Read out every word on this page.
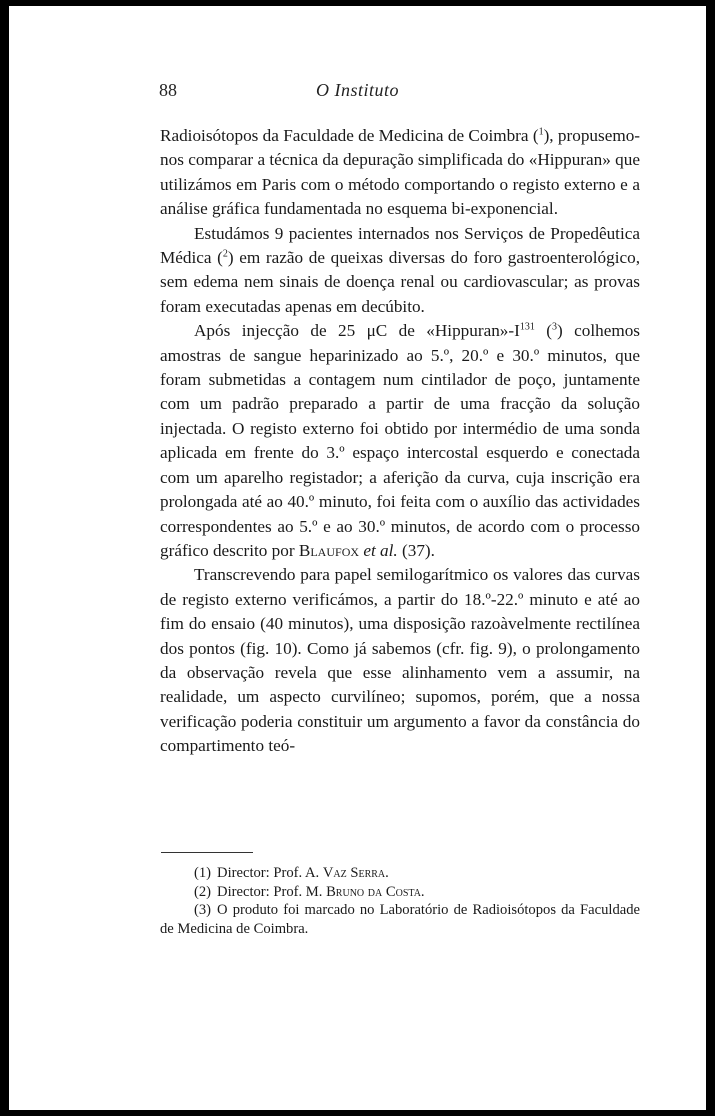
88	O Instituto

Radioisótopos da Faculdade de Medicina de Coimbra ($^1$), propusemo-nos comparar a técnica da depuração simplificada do «Hippuran» que utilizámos em Paris com o método comportando o registo externo e a análise gráfica fundamentada no esquema bi-exponencial.

Estudámos 9 pacientes internados nos Serviços de Propedêutica Médica ($^2$) em razão de queixas diversas do foro gastroenterológico, sem edema nem sinais de doença renal ou cardiovascular; as provas foram executadas apenas em decúbito.

Após injecção de 25 μC de «$Hippuran»-I^{131}$ ($^3$) colhemos amostras de sangue heparinizado ao 5.º, 20.º e 30.º minutos, que foram submetidas a contagem num cintilador de poço, juntamente com um padrão preparado a partir de uma fracção da solução injectada. O registo externo foi obtido por intermédio de uma sonda aplicada em frente do 3.º espaço intercostal esquerdo e conectada com um aparelho registador; a aferição da curva, cuja inscrição era prolongada até ao 40.º minuto, foi feita com o auxílio das actividades correspondentes ao 5.º e ao 30.º minutos, de acordo com o processo gráfico descrito por Blaufox et al. (37).

Transcrevendo para papel semilogarítmico os valores das curvas de registo externo verificámos, a partir do 18.º-22.º minuto e até ao fim do ensaio (40 minutos), uma disposição razoàvelmente rectilínea dos pontos (fig. 10). Como já sabemos (cfr. fig. 9), o prolongamento da observação revela que esse alinhamento vem a assumir, na realidade, um aspecto curvilíneo; supomos, porém, que a nossa verificação poderia constituir um argumento a favor da constância do compartimento teó-

(1) Director: Prof. A. Vaz Serra.

(2) Director: Prof. M. Bruno da Costa.

(3) O produto foi marcado no Laboratório de Radioisótopos da Faculdade de Medicina de Coimbra.
